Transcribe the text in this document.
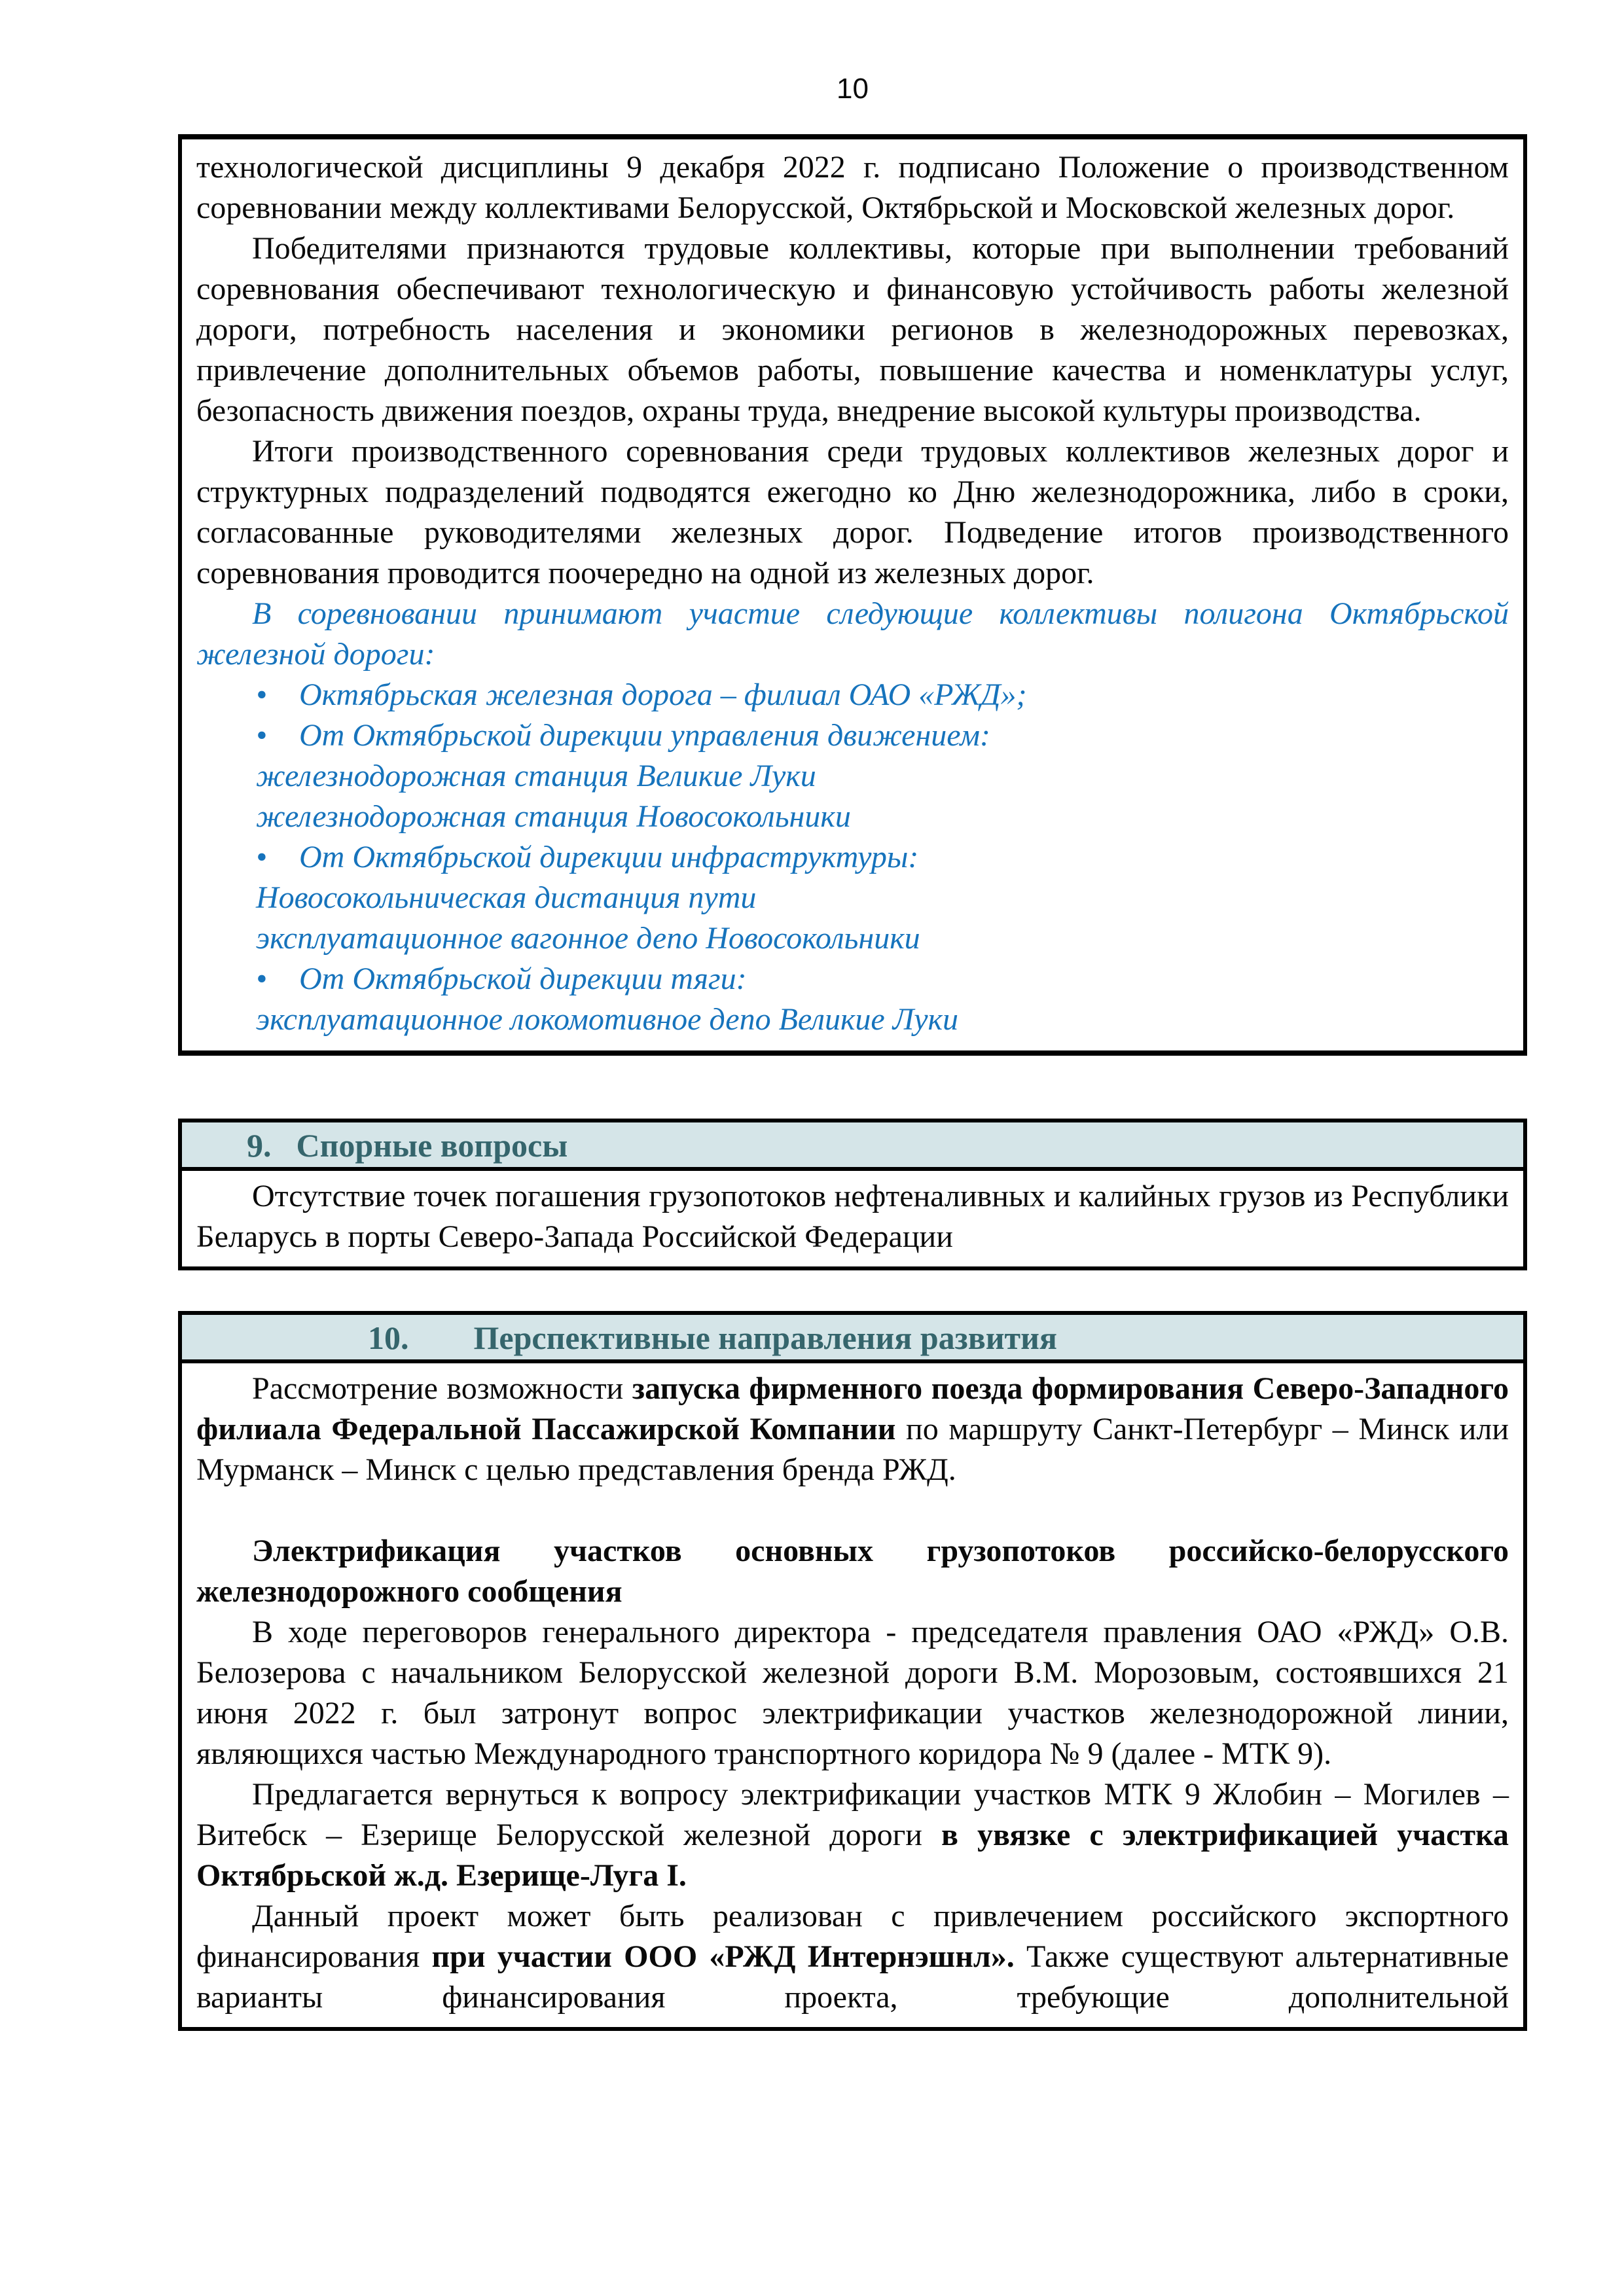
10

технологической дисциплины 9 декабря 2022 г. подписано Положение о производственном соревновании между коллективами Белорусской, Октябрьской и Московской железных дорог.

Победителями признаются трудовые коллективы, которые при выполнении требований соревнования обеспечивают технологическую и финансовую устойчивость работы железной дороги, потребность населения и экономики регионов в железнодорожных перевозках, привлечение дополнительных объемов работы, повышение качества и номенклатуры услуг, безопасность движения поездов, охраны труда, внедрение высокой культуры производства.

Итоги производственного соревнования среди трудовых коллективов железных дорог и структурных подразделений подводятся ежегодно ко Дню железнодорожника, либо в сроки, согласованные руководителями железных дорог. Подведение итогов производственного соревнования проводится поочередно на одной из железных дорог.

В соревновании принимают участие следующие коллективы полигона Октябрьской железной дороги:

• Октябрьская железная дорога – филиал ОАО «РЖД»;

• От Октябрьской дирекции управления движением:

железнодорожная станция Великие Луки

железнодорожная станция Новосокольники

• От Октябрьской дирекции инфраструктуры:

Новосокольническая дистанция пути

эксплуатационное вагонное депо Новосокольники

• От Октябрьской дирекции тяги:

эксплуатационное локомотивное депо Великие Луки

9. Спорные вопросы

Отсутствие точек погашения грузопотоков нефтеналивных и калийных грузов из Республики Беларусь в порты Северо-Запада Российской Федерации

10. Перспективные направления развития

Рассмотрение возможности запуска фирменного поезда формирования Северо-Западного филиала Федеральной Пассажирской Компании по маршруту Санкт-Петербург – Минск или Мурманск – Минск с целью представления бренда РЖД.

Электрификация участков основных грузопотоков российско-белорусского железнодорожного сообщения

В ходе переговоров генерального директора - председателя правления ОАО «РЖД» О.В. Белозерова с начальником Белорусской железной дороги В.М. Морозовым, состоявшихся 21 июня 2022 г. был затронут вопрос электрификации участков железнодорожной линии, являющихся частью Международного транспортного коридора № 9 (далее - МТК 9).

Предлагается вернуться к вопросу электрификации участков МТК 9 Жлобин – Могилев – Витебск – Езерище Белорусской железной дороги в увязке с электрификацией участка Октябрьской ж.д. Езерище-Луга I.

Данный проект может быть реализован с привлечением российского экспортного финансирования при участии ООО «РЖД Интернэшнл». Также существуют альтернативные варианты финансирования проекта, требующие дополнительной
